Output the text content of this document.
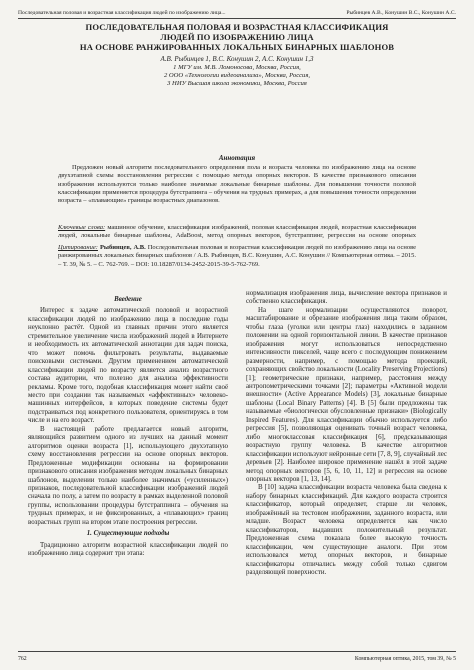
Последовательная половая и возрастная классификация людей по изображению лица...	Рыбинцев А.В., Конушин В.С., Конушин А.С.
ПОСЛЕДОВАТЕЛЬНАЯ ПОЛОВАЯ И ВОЗРАСТНАЯ КЛАССИФИКАЦИЯ
ЛЮДЕЙ ПО ИЗОБРАЖЕНИЮ ЛИЦА
НА ОСНОВЕ РАНЖИРОВАННЫХ ЛОКАЛЬНЫХ БИНАРНЫХ ШАБЛОНОВ
А.В. Рыбинцев 1, В.С. Конушин 2, А.С. Конушин 1,3
1 МГУ им. М.В. Ломоносова, Москва, Россия,
2 ООО «Технологии видеоанализа», Москва, Россия,
3 НИУ Высшая школа экономики, Москва, Россия
Аннотация
Предложен новый алгоритм последовательного определения пола и возраста человека по изображению лица на основе двухэтапной схемы восстановления регрессии с помощью метода опорных векторов. В качестве признакового описания изображения используются только наиболее значимые локальные бинарные шаблоны. Для повышения точности половой классификации применяется процедура бутстрапинга – обучения на трудных примерах, а для повышения точности определения возраста – «плавающие» границы возрастных диапазонов.
Ключевые слова: машинное обучение, классификация изображений, половая классификация людей, возрастная классификация людей, локальные бинарные шаблоны, AdaBoost, метод опорных векторов, бутстраппинг, регрессия на основе опорных
Цитирование: Рыбинцев, А.В. Последовательная половая и возрастная классификация людей по изображению лица на основе ранжированных локальных бинарных шаблонов / А.В. Рыбинцев, В.С. Конушин, А.С. Конушин // Компьютерная оптика. – 2015. – Т. 39, № 5. – С. 762-769. – DOI: 10.18287/0134-2452-2015-39-5-762-769.
Введение

Интерес к задаче автоматической половой и возрастной классификации людей по изображению лица в последние годы неуклонно растёт. Одной из главных причин этого является стремительное увеличение числа изображений людей в Интернете и необходимость их автоматической аннотации для задач поиска, что может помочь фильтровать результаты, выдаваемые поисковыми системами. Другим применением автоматической классификации людей по возрасту является анализ возрастного состава аудитории, что полезно для анализа эффективности рекламы. Кроме того, подобная классификация может найти своё место при создании так называемых «аффективных» человеко-машинных интерфейсов, в которых поведение системы будет подстраиваться под конкретного пользователя, ориентируясь в том числе и на его возраст.

В настоящей работе предлагается новый алгоритм, являющийся развитием одного из лучших на данный момент алгоритмов оценки возраста [1], использующего двухэтапную схему восстановления регрессии на основе опорных векторов. Предложенные модификации основаны на формировании признакового описания изображения методом локальных бинарных шаблонов, выделении только наиболее значимых («усиленных») признаков, последовательной классификации изображений людей сначала по полу, а затем по возрасту в рамках выделенной половой группы, использовании процедуры бутстраппинга – обучения на трудных примерах, и не фиксированных, а «плавающих» границ возрастных групп на втором этапе построения регрессии.

1. Существующие подходы

Традиционно алгоритм возрастной классификации людей по изображению лица содержит три этапа:

нормализация изображения лица, вычисление вектора признаков и собственно классификация.

На шаге нормализации осуществляются поворот, масштабирование и обрезание изображения лица таким образом, чтобы глаза (уголки или центры глаз) находились в заданном положении на одной горизонтальной линии. В качестве признаков изображения могут использоваться непосредственно интенсивности пикселей, чаще всего с последующим понижением размерности, например, с помощью метода проекций, сохраняющих свойство локальности (Locality Preserving Projections) [1]; геометрические признаки, например, расстояния между антропометрическими точками [2]; параметры «Активной модели внешности» (Active Appearance Models) [3], локальные бинарные шаблоны (Local Binary Patterns) [4]. В [5] были предложены так называемые «биологически обусловленные признаки» (Biologically Inspired Features). Для классификации обычно используется либо регрессия [5], позволяющая оценивать точный возраст человека, либо многоклассовая классификация [6], предсказывающая возрастную группу человека. В качестве алгоритмов классификации используют нейронные сети [7, 8, 9], случайный лес деревьев [2]. Наиболее широкое применение нашёл в этой задаче метод опорных векторов [5, 6, 10, 11, 12] и регрессия на основе опорных векторов [1, 13, 14].

В [10] задача классификации возраста человека была сведена к набору бинарных классификаций. Для каждого возраста строится классификатор, который определяет, старше ли человек, изображённый на тестовом изображении, заданного возраста, или младше. Возраст человека определяется как число классификаторов, выдавших положительный результат. Предложенная схема показала более высокую точность классификации, чем существующие аналоги. При этом использовался метод опорных векторов, и бинарные классификаторы отличались между собой только сдвигом разделяющей поверхности.

762	Компьютерная оптика, 2015, том 39, № 5
